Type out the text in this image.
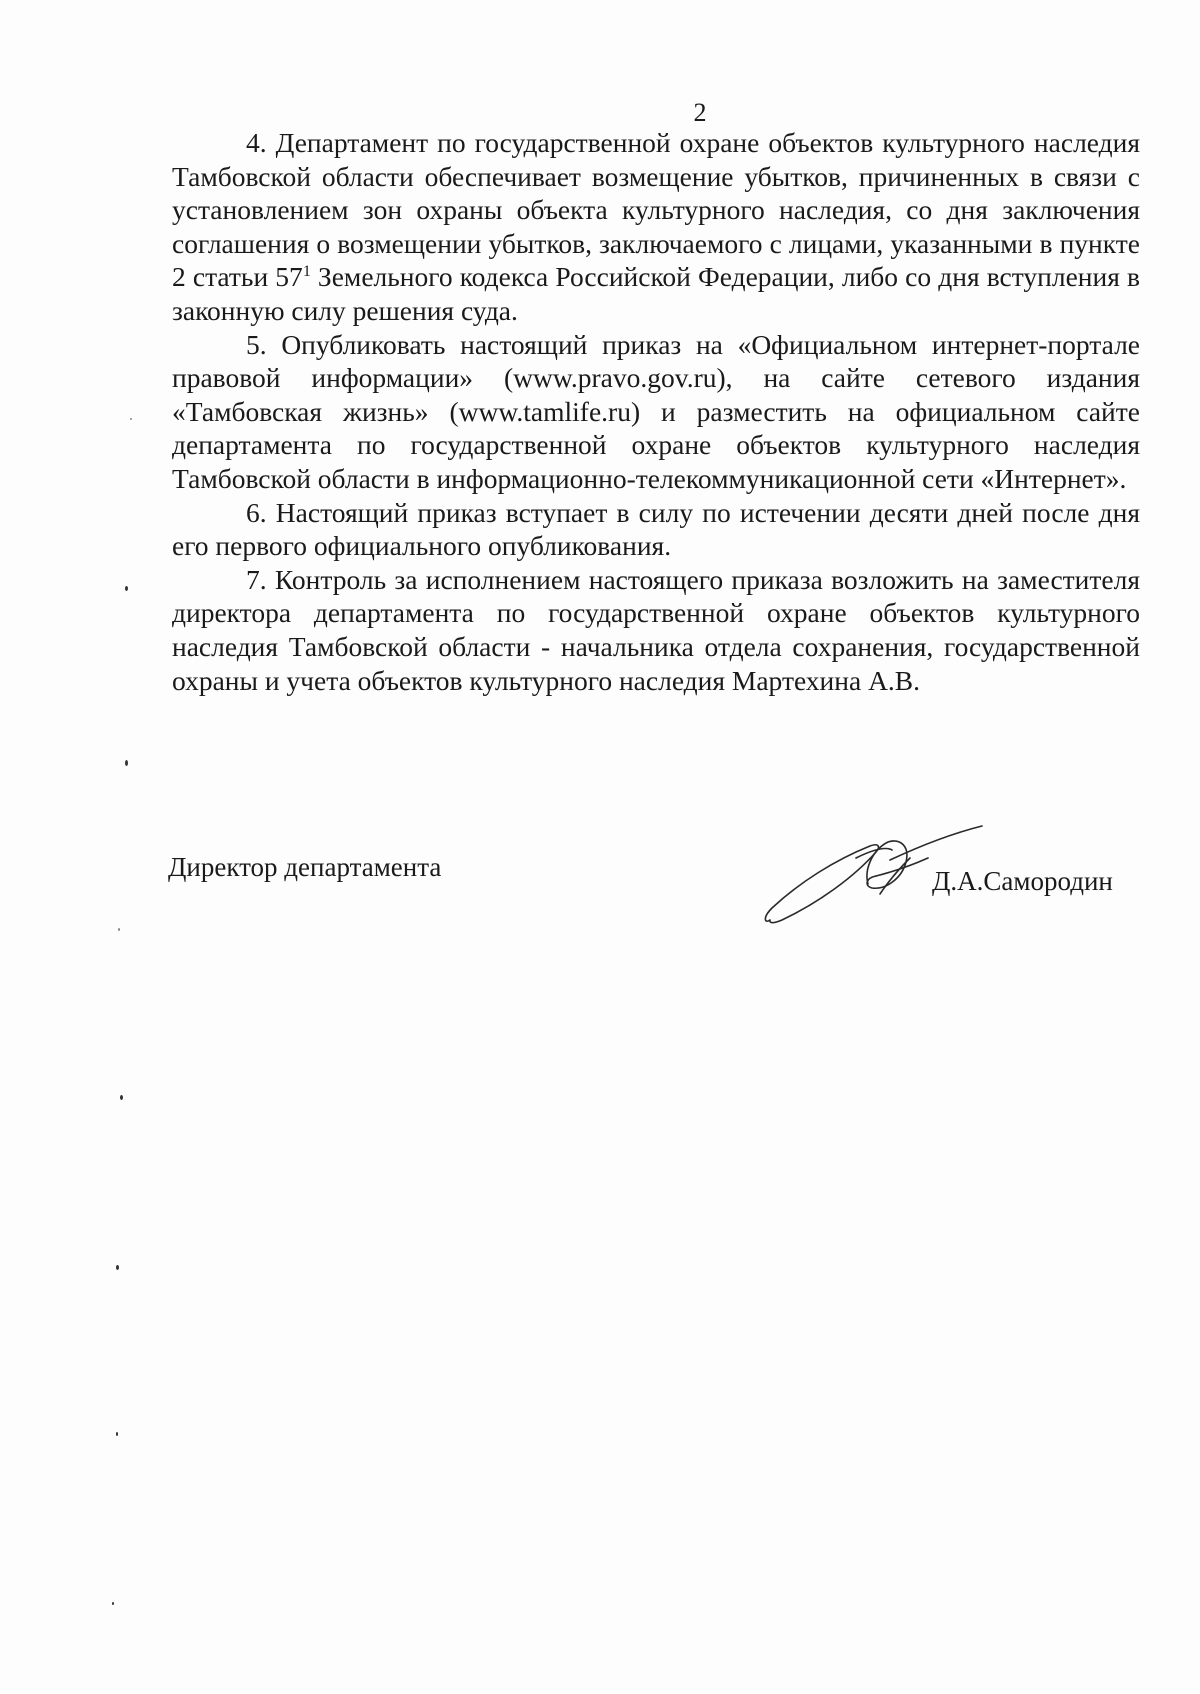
2

4. Департамент по государственной охране объектов культурного наследия Тамбовской области обеспечивает возмещение убытков, причиненных в связи с установлением зон охраны объекта культурного наследия, со дня заключения соглашения о возмещении убытков, заключаемого с лицами, указанными в пункте 2 статьи $57^1$ Земельного кодекса Российской Федерации, либо со дня вступления в законную силу решения суда.

5. Опубликовать настоящий приказ на «Официальном интернет-портале правовой информации» (www.pravo.gov.ru), на сайте сетевого издания «Тамбовская жизнь» (www.tamlife.ru) и разместить на официальном сайте департамента по государственной охране объектов культурного наследия Тамбовской области в информационно-телекоммуникационной сети «Интернет».

6. Настоящий приказ вступает в силу по истечении десяти дней после дня его первого официального опубликования.

7. Контроль за исполнением настоящего приказа возложить на заместителя директора департамента по государственной охране объектов культурного наследия Тамбовской области - начальника отдела сохранения, государственной охраны и учета объектов культурного наследия Мартехина А.В.

Директор департамента	Д.А.Самородин
